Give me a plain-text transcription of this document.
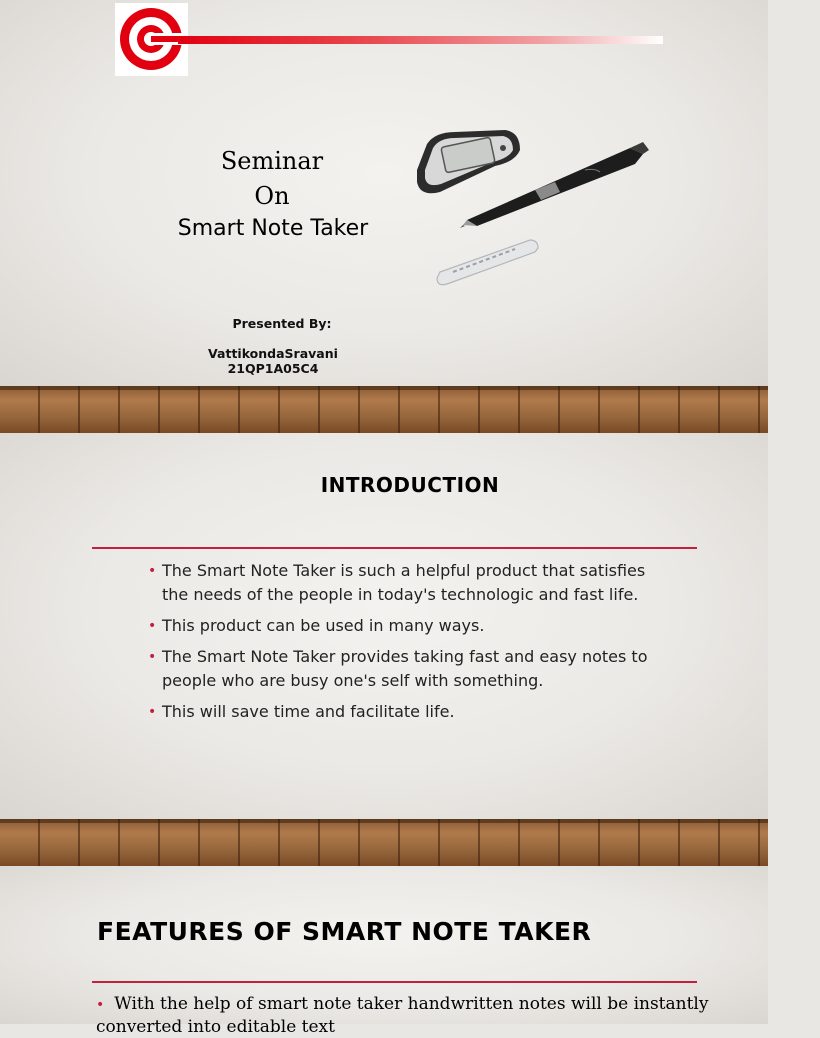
Seminar
On
Smart Note Taker
Presented By:
VattikondaSravani
21QP1A05C4
INTRODUCTION
• The Smart Note Taker is such a helpful product that satisfies the needs of the people in today's technologic and fast life.
• This product can be used in many ways.
• The Smart Note Taker provides taking fast and easy notes to people who are busy one's self with something.
• This will save time and facilitate life.
FEATURES OF SMART NOTE TAKER
• With the help of smart note taker handwritten notes will be instantly converted into editable text
